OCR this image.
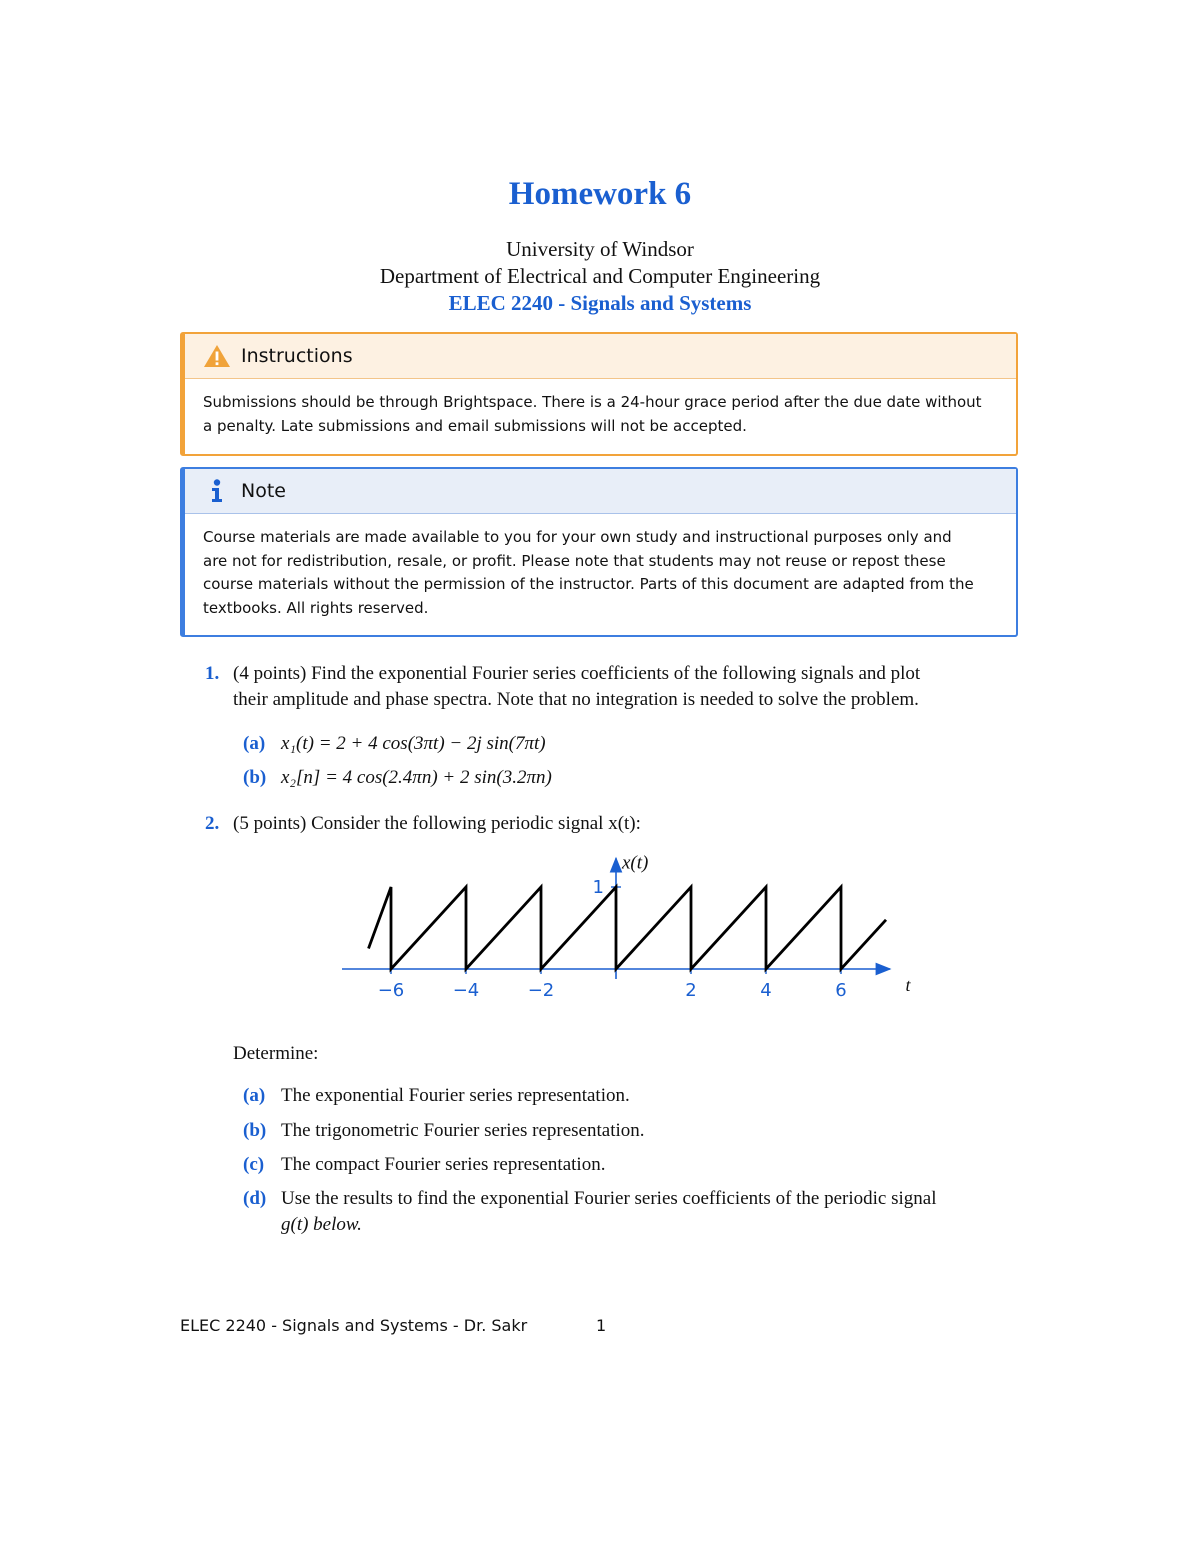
Homework 6
University of Windsor
Department of Electrical and Computer Engineering
ELEC 2240 - Signals and Systems
Instructions
Submissions should be through Brightspace. There is a 24-hour grace period after the due date without
a penalty. Late submissions and email submissions will not be accepted.
Note
Course materials are made available to you for your own study and instructional purposes only and
are not for redistribution, resale, or profit. Please note that students may not reuse or repost these
course materials without the permission of the instructor. Parts of this document are adapted from the
textbooks. All rights reserved.
1. (4 points) Find the exponential Fourier series coefficients of the following signals and plot
their amplitude and phase spectra. Note that no integration is needed to solve the problem.
(a) x₁(t) = 2 + 4 cos(3πt) − 2j sin(7πt)
(b) x₂[n] = 4 cos(2.4πn) + 2 sin(3.2πn)
2. (5 points) Consider the following periodic signal x(t):
1
−6	−4	−2	2	4	6	t
x(t)
Determine:
(a) The exponential Fourier series representation.
(b) The trigonometric Fourier series representation.
(c) The compact Fourier series representation.
(d) Use the results to find the exponential Fourier series coefficients of the periodic signal
g(t) below.
ELEC 2240 - Signals and Systems - Dr. Sakr	1
